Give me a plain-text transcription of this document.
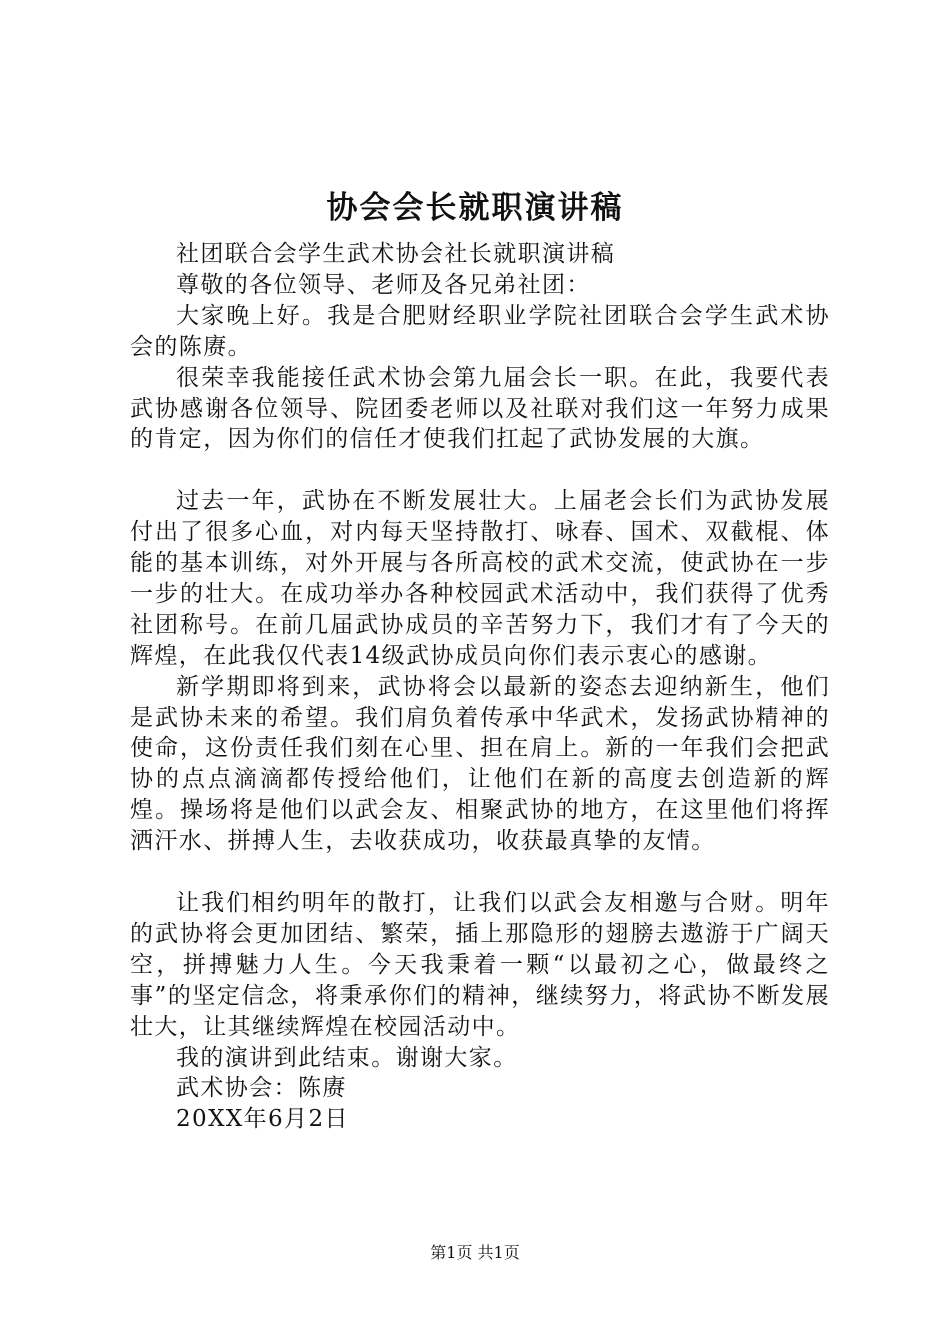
协会会长就职演讲稿

社团联合会学生武术协会社长就职演讲稿

尊敬的各位领导、老师及各兄弟社团：

大家晚上好。我是合肥财经职业学院社团联合会学生武术协会的陈赓。

很荣幸我能接任武术协会第九届会长一职。在此，我要代表武协感谢各位领导、院团委老师以及社联对我们这一年努力成果的肯定，因为你们的信任才使我们扛起了武协发展的大旗。

过去一年，武协在不断发展壮大。上届老会长们为武协发展付出了很多心血，对内每天坚持散打、咏春、国术、双截棍、体能的基本训练，对外开展与各所高校的武术交流，使武协在一步一步的壮大。在成功举办各种校园武术活动中，我们获得了优秀社团称号。在前几届武协成员的辛苦努力下，我们才有了今天的辉煌，在此我仅代表14级武协成员向你们表示衷心的感谢。

新学期即将到来，武协将会以最新的姿态去迎纳新生，他们是武协未来的希望。我们肩负着传承中华武术，发扬武协精神的使命，这份责任我们刻在心里、担在肩上。新的一年我们会把武协的点点滴滴都传授给他们，让他们在新的高度去创造新的辉煌。操场将是他们以武会友、相聚武协的地方，在这里他们将挥洒汗水、拼搏人生，去收获成功，收获最真挚的友情。

让我们相约明年的散打，让我们以武会友相邀与合财。明年的武协将会更加团结、繁荣，插上那隐形的翅膀去遨游于广阔天空，拼搏魅力人生。今天我秉着一颗“以最初之心，做最终之事”的坚定信念，将秉承你们的精神，继续努力，将武协不断发展壮大，让其继续辉煌在校园活动中。

我的演讲到此结束。谢谢大家。

武术协会：陈赓

20XX年6月2日

第1页 共1页
